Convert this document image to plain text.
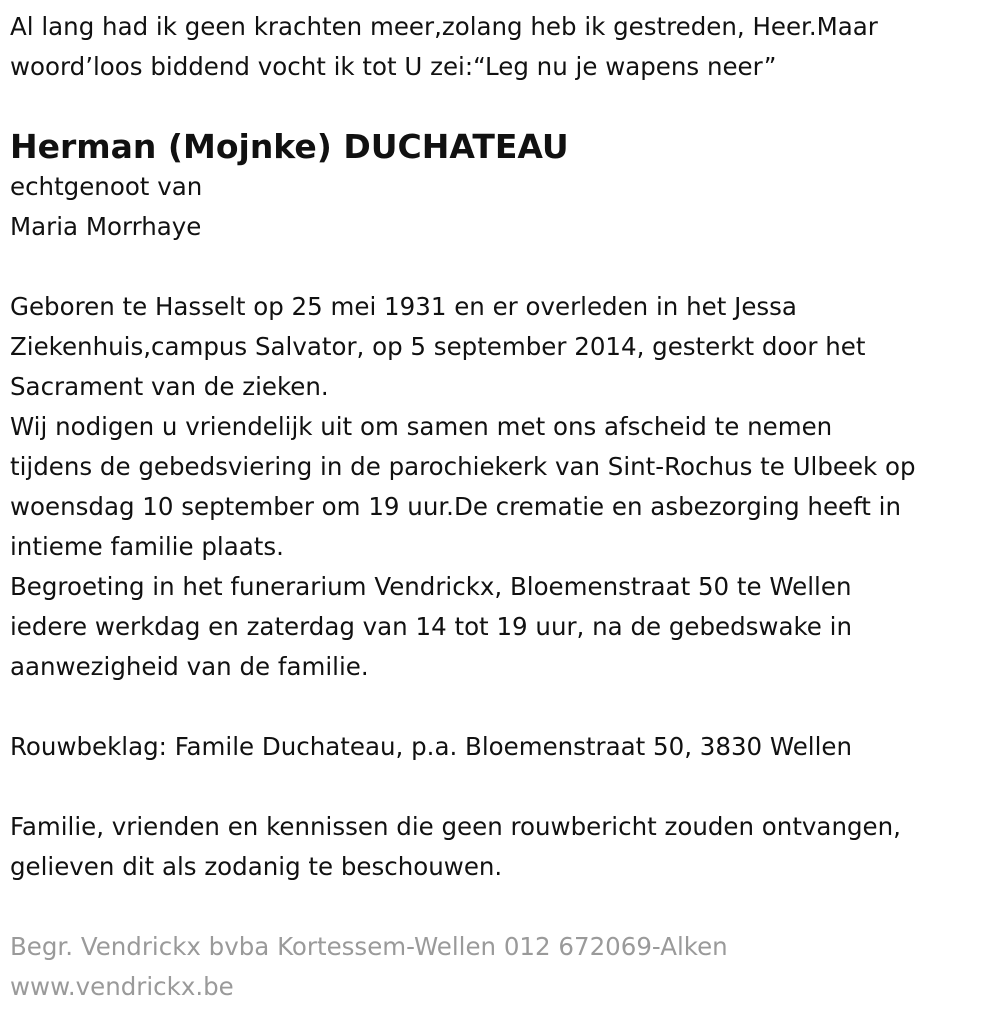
Al lang had ik geen krachten meer,zolang heb ik gestreden, Heer.Maar

woord’loos biddend vocht ik tot U zei:“Leg nu je wapens neer”

Herman (Mojnke) DUCHATEAU

echtgenoot van

Maria Morrhaye

Geboren te Hasselt op 25 mei 1931 en er overleden in het Jessa

Ziekenhuis,campus Salvator, op 5 september 2014, gesterkt door het

Sacrament van de zieken.

Wij nodigen u vriendelijk uit om samen met ons afscheid te nemen

tijdens de gebedsviering in de parochiekerk van Sint-Rochus te Ulbeek op

woensdag 10 september om 19 uur.De crematie en asbezorging heeft in

intieme familie plaats.

Begroeting in het funerarium Vendrickx, Bloemenstraat 50 te Wellen

iedere werkdag en zaterdag van 14 tot 19 uur, na de gebedswake in

aanwezigheid van de familie.

Rouwbeklag: Famile Duchateau, p.a. Bloemenstraat 50, 3830 Wellen

Familie, vrienden en kennissen die geen rouwbericht zouden ontvangen,

gelieven dit als zodanig te beschouwen.

Begr. Vendrickx bvba Kortessem-Wellen 012 672069-Alken

www.vendrickx.be
